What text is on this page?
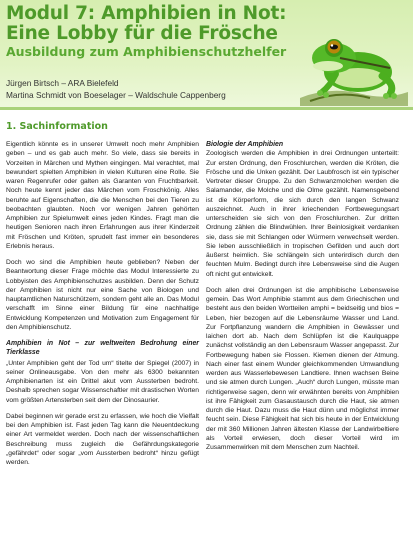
Modul 7: Amphibien in Not:
Eine Lobby für die Frösche
Ausbildung zum Amphibienschutzhelfer
Jürgen Birtsch – ARA Bielefeld
Martina Schmidt von Boeselager – Waldschule Cappenberg
1. Sachinformation

Eigentlich könnte es in unserer Umwelt noch mehr Amphibien geben – und es gab auch mehr. So viele, dass sie bereits in Vorzeiten in Märchen und Mythen eingingen. Mal verachtet, mal bewundert spielten Amphibien in vielen Kulturen eine Rolle. Sie waren Regenrufer oder galten als Garanten von Fruchtbarkeit. Noch heute kennt jeder das Märchen vom Froschkönig. Alles beruhte auf Eigenschaften, die die Menschen bei den Tieren zu beobachten glaubten. Noch vor wenigen Jahren gehörten Amphibien zur Spielumwelt eines jeden Kindes. Fragt man die heutigen Senioren nach ihren Erfahrungen aus ihrer Kinderzeit mit Fröschen und Kröten, sprudelt fast immer ein besonderes Erlebnis heraus.

Doch wo sind die Amphibien heute geblieben? Neben der Beantwortung dieser Frage möchte das Modul Interessierte zu Lobbyisten des Amphibienschutzes ausbilden. Denn der Schutz der Amphibien ist nicht nur eine Sache von Biologen und hauptamtlichen Naturschützern, sondern geht alle an. Das Modul verschafft im Sinne einer Bildung für eine nachhaltige Entwicklung Kompetenzen und Motivation zum Engagement für den Amphibienschutz.

Amphibien in Not – zur weltweiten Bedrohung einer Tierklasse

„Unter Amphibien geht der Tod um“ titelte der Spiegel (2007) in seiner Onlineausgabe. Von den mehr als 6300 bekannten Amphibienarten ist ein Drittel akut vom Aussterben bedroht. Deshalb sprechen sogar Wissenschaftler mit drastischen Worten vom größten Artensterben seit dem der Dinosaurier.

Dabei beginnen wir gerade erst zu erfassen, wie hoch die Vielfalt bei den Amphibien ist. Fast jeden Tag kann die Neuentdeckung einer Art vermeldet werden. Doch nach der wissenschaftlichen Beschreibung muss zugleich die Gefährdungskategorie „gefährdet“ oder sogar „vom Aussterben bedroht“ hinzu gefügt werden.

Biologie der Amphibien

Zoologisch werden die Amphibien in drei Ordnungen unterteilt: Zur ersten Ordnung, den Froschlurchen, werden die Kröten, die Frösche und die Unken gezählt. Der Laubfrosch ist ein typischer Vertreter dieser Gruppe. Zu den Schwanzmolchen werden die Salamander, die Molche und die Olme gezählt. Namensgebend ist die Körperform, die sich durch den langen Schwanz auszeichnet. Auch in ihrer kriechenden Fortbewegungsart unterscheiden sie sich von den Froschlurchen. Zur dritten Ordnung zählen die Blindwühlen. Ihrer Beinlosigkeit verdanken sie, dass sie mit Schlangen oder Würmern verwechselt werden. Sie leben ausschließlich in tropischen Gefilden und auch dort äußerst heimlich. Sie schlängeln sich unterirdisch durch den feuchten Mulm. Bedingt durch ihre Lebensweise sind die Augen oft nicht gut entwickelt.

Doch allen drei Ordnungen ist die amphibische Lebensweise gemein. Das Wort Amphibie stammt aus dem Griechischen und besteht aus den beiden Wortteilen amphi = beidseitig und bios = Leben, hier bezogen auf die Lebensräume Wasser und Land. Zur Fortpflanzung wandern die Amphibien in Gewässer und laichen dort ab. Nach dem Schlüpfen ist die Kaulquappe zunächst vollständig an den Lebensraum Wasser angepasst. Zur Fortbewegung haben sie Flossen. Kiemen dienen der Atmung. Nach einer fast einem Wunder gleichkommenden Umwandlung werden aus Wasserlebewesen Landtiere. Ihnen wachsen Beine und sie atmen durch Lungen. „Auch“ durch Lungen, müsste man richtigerweise sagen, denn wir erwähnten bereits von Amphibien ist ihre Fähigkeit zum Gasaustausch durch die Haut, sie atmen durch die Haut. Dazu muss die Haut dünn und möglichst immer feucht sein. Diese Fähigkeit hat sich bis heute in der Entwicklung der mit 360 Millionen Jahren ältesten Klasse der Landwirbeltiere als Vorteil erwiesen, doch dieser Vorteil wird im Zusammenwirken mit dem Menschen zum Nachteil.
